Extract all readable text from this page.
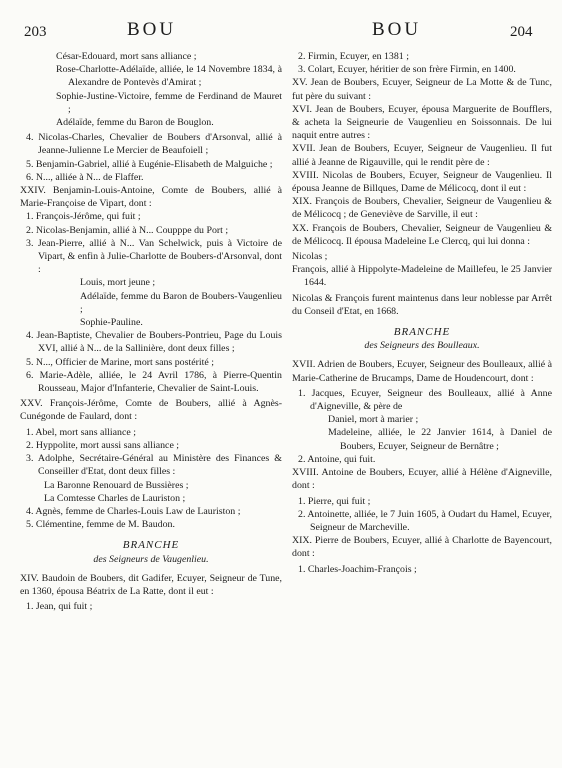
203	BOU	BOU	204

César-Edouard, mort sans alliance ;

Rose-Charlotte-Adélaïde, alliée, le 14 Novembre 1834, à Alexandre de Pontevès d'Amirat ;

Sophie-Justine-Victoire, femme de Ferdinand de Mauret ;

Adélaïde, femme du Baron de Bouglon.

4. Nicolas-Charles, Chevalier de Boubers d'Arsonval, allié à Jeanne-Julienne Le Mercier de Beaufoiell ;

5. Benjamin-Gabriel, allié à Eugénie-Elisabeth de Malguiche ;

6. N..., alliée à N... de Flaffer.

XXIV. Benjamin-Louis-Antoine, Comte de Boubers, allié à Marie-Françoise de Vipart, dont :

1. François-Jérôme, qui fuit ;

2. Nicolas-Benjamin, allié à N... Coupppe du Port ;

3. Jean-Pierre, allié à N... Van Schelwick, puis à Victoire de Vipart, & enfin à Julie-Charlotte de Boubers-d'Arsonval, dont :

Louis, mort jeune ;

Adélaïde, femme du Baron de Boubers-Vaugenlieu ;

Sophie-Pauline.

4. Jean-Baptiste, Chevalier de Boubers-Pontrieu, Page du Louis XVI, allié à N... de la Sallinière, dont deux filles ;

5. N..., Officier de Marine, mort sans postérité ;

6. Marie-Adèle, alliée, le 24 Avril 1786, à Pierre-Quentin Rousseau, Major d'Infanterie, Chevalier de Saint-Louis.

XXV. François-Jérôme, Comte de Boubers, allié à Agnès-Cunégonde de Faulard, dont :

1. Abel, mort sans alliance ;

2. Hyppolite, mort aussi sans alliance ;

3. Adolphe, Secrétaire-Général au Ministère des Finances & Conseiller d'Etat, dont deux filles :

La Baronne Renouard de Bussières ;

La Comtesse Charles de Lauriston ;

4. Agnès, femme de Charles-Louis Law de Lauriston ;

5. Clémentine, femme de M. Baudon.

BRANCHE

des Seigneurs de Vaugenlieu.

XIV. Baudoin de Boubers, dit Gadifer, Ecuyer, Seigneur de Tune, en 1360, épousa Béatrix de La Ratte, dont il eut :

1. Jean, qui fuit ;

2. Firmin, Ecuyer, en 1381 ;

3. Colart, Ecuyer, héritier de son frère Firmin, en 1400.

XV. Jean de Boubers, Ecuyer, Seigneur de La Motte & de Tunc, fut père du suivant :

XVI. Jean de Boubers, Ecuyer, épousa Marguerite de Boufflers, & acheta la Seigneurie de Vaugenlieu en Soissonnais. De lui naquit entre autres :

XVII. Jean de Boubers, Ecuyer, Seigneur de Vaugenlieu. Il fut allié à Jeanne de Rigauville, qui le rendit père de :

XVIII. Nicolas de Boubers, Ecuyer, Seigneur de Vaugenlieu. Il épousa Jeanne de Billques, Dame de Mélicocq, dont il eut :

XIX. François de Boubers, Chevalier, Seigneur de Vaugenlieu & de Mélicocq ; de Geneviève de Sarville, il eut :

XX. François de Boubers, Chevalier, Seigneur de Vaugenlieu & de Mélicocq. Il épousa Madeleine Le Clercq, qui lui donna :

Nicolas ;

François, allié à Hippolyte-Madeleine de Maillefeu, le 25 Janvier 1644.

Nicolas & François furent maintenus dans leur noblesse par Arrêt du Conseil d'Etat, en 1668.

BRANCHE

des Seigneurs des Boulleaux.

XVII. Adrien de Boubers, Ecuyer, Seigneur des Boulleaux, allié à Marie-Catherine de Brucamps, Dame de Houdencourt, dont :

1. Jacques, Ecuyer, Seigneur des Boulleaux, allié à Anne d'Aigneville, & père de

Daniel, mort à marier ;

Madeleine, alliée, le 22 Janvier 1614, à Daniel de Boubers, Ecuyer, Seigneur de Bernâtre ;

2. Antoine, qui fuit.

XVIII. Antoine de Boubers, Ecuyer, allié à Hélène d'Aigneville, dont :

1. Pierre, qui fuit ;

2. Antoinette, alliée, le 7 Juin 1605, à Oudart du Hamel, Ecuyer, Seigneur de Marcheville.

XIX. Pierre de Boubers, Ecuyer, allié à Charlotte de Bayencourt, dont :

1. Charles-Joachim-François ;
